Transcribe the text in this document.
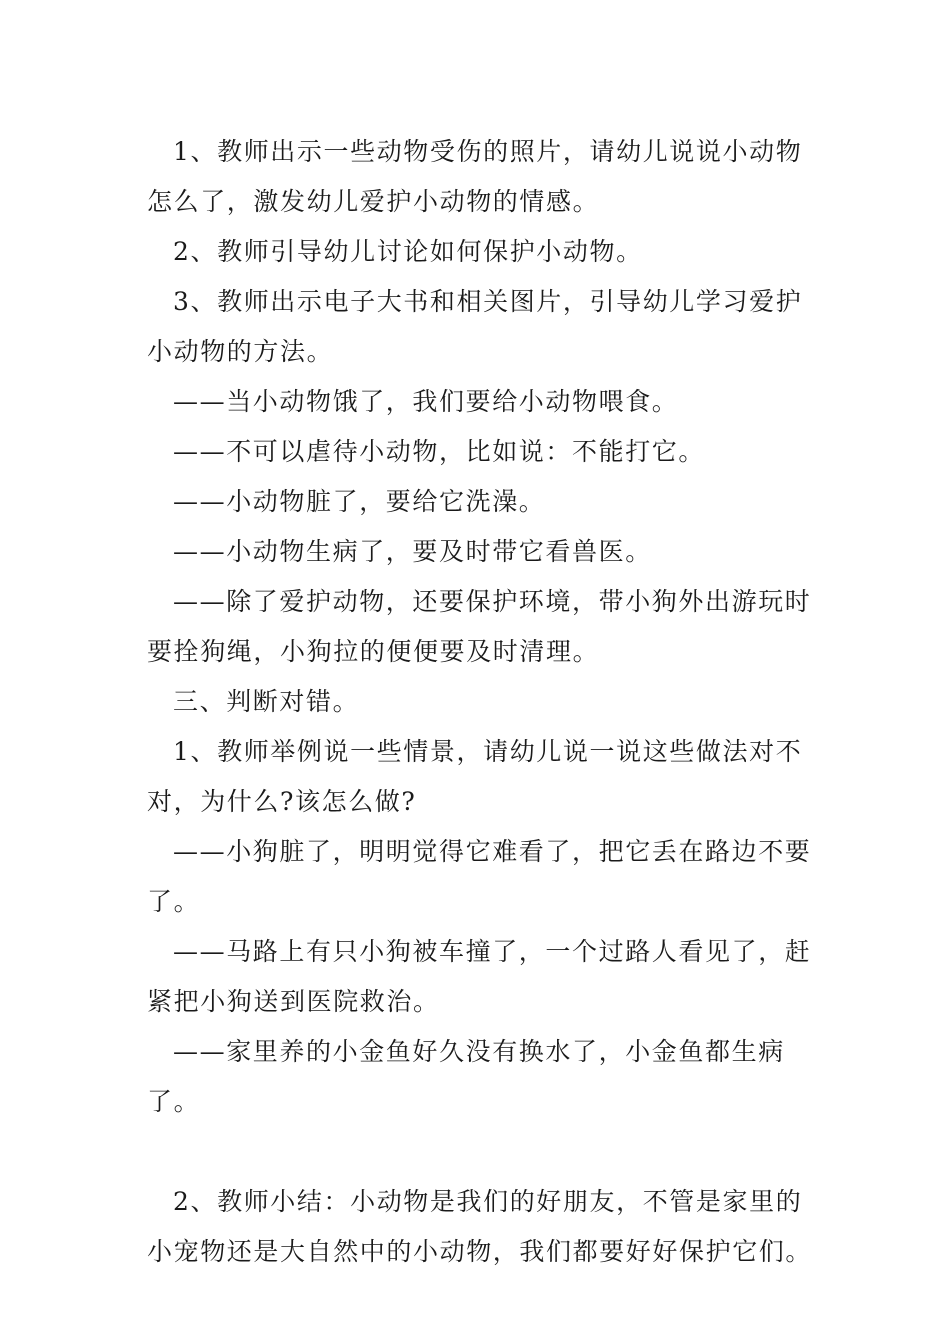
1、教师出示一些动物受伤的照片，请幼儿说说小动物怎么了，激发幼儿爱护小动物的情感。

2、教师引导幼儿讨论如何保护小动物。

3、教师出示电子大书和相关图片，引导幼儿学习爱护小动物的方法。

——当小动物饿了，我们要给小动物喂食。

——不可以虐待小动物，比如说：不能打它。

——小动物脏了，要给它洗澡。

——小动物生病了，要及时带它看兽医。

——除了爱护动物，还要保护环境，带小狗外出游玩时要拴狗绳，小狗拉的便便要及时清理。

三、判断对错。

1、教师举例说一些情景，请幼儿说一说这些做法对不对，为什么?该怎么做?

——小狗脏了，明明觉得它难看了，把它丢在路边不要了。

——马路上有只小狗被车撞了，一个过路人看见了，赶紧把小狗送到医院救治。

——家里养的小金鱼好久没有换水了，小金鱼都生病了。

2、教师小结：小动物是我们的好朋友，不管是家里的小宠物还是大自然中的小动物，我们都要好好保护它们。
